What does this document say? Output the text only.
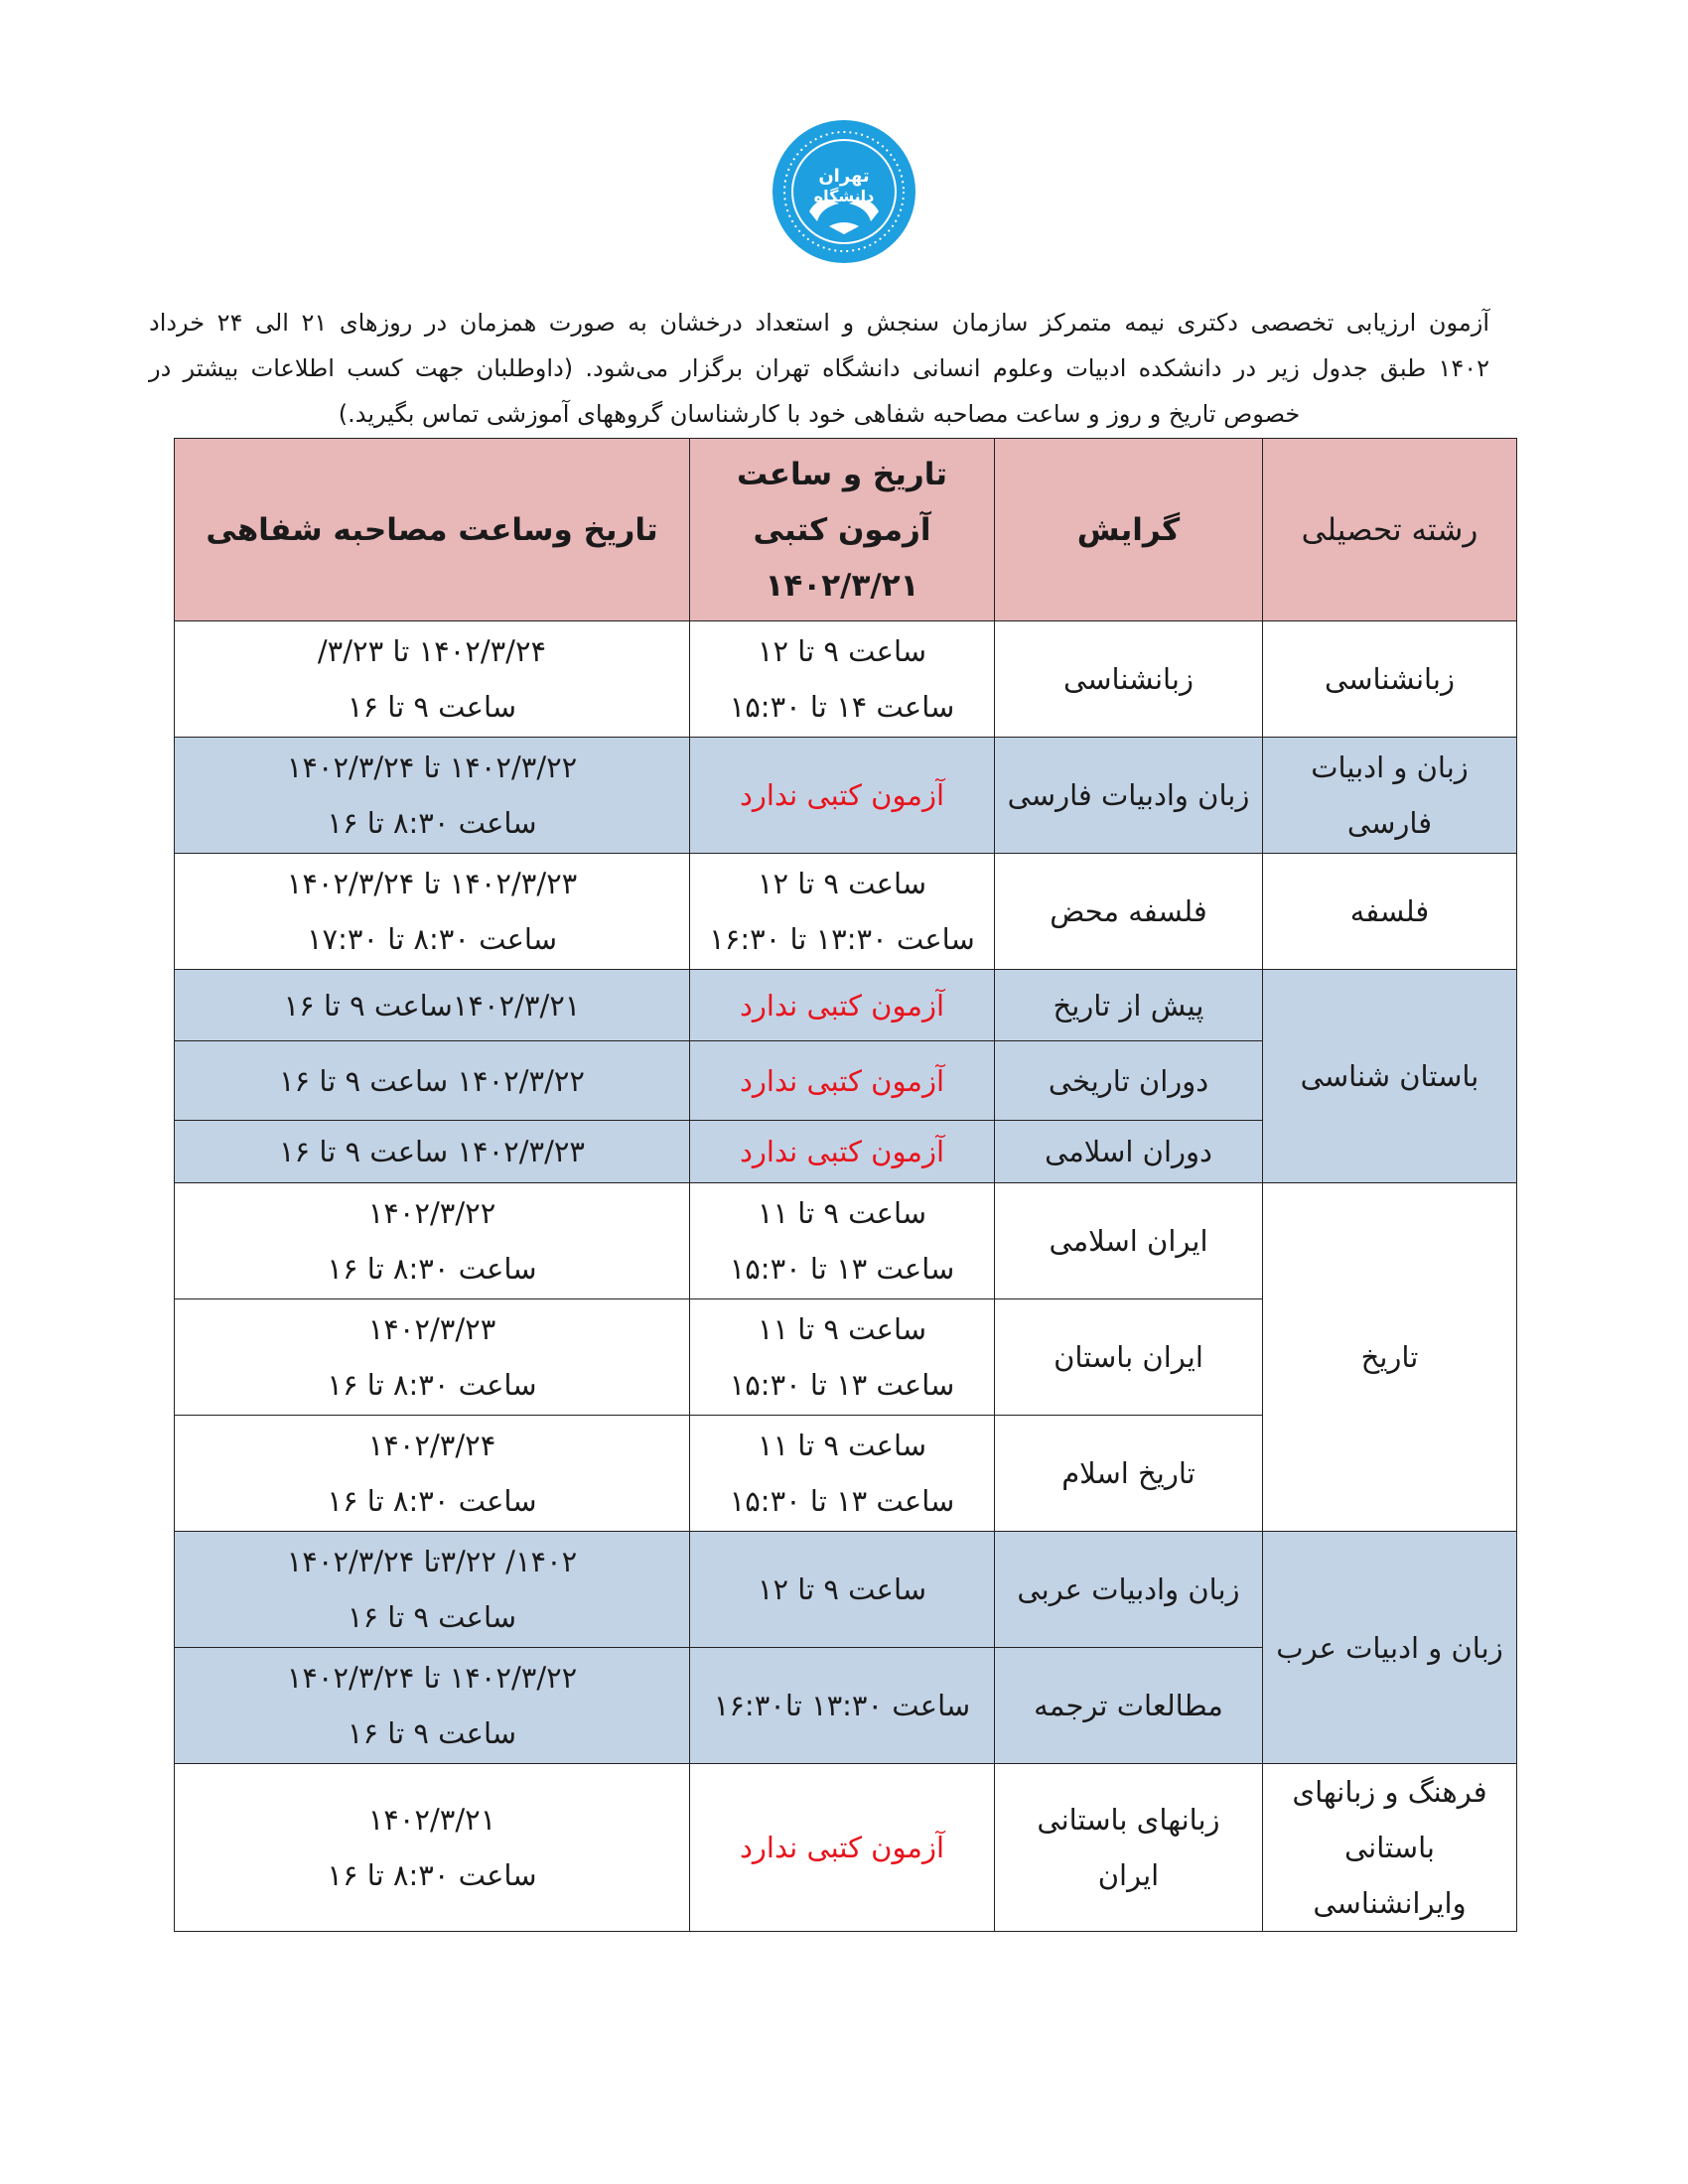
تهران
دانشگاه

آزمون ارزیابی تخصصی دکتری نیمه متمرکز سازمان سنجش و استعداد درخشان به صورت همزمان در روزهای ۲۱ الی ۲۴ خرداد

۱۴۰۲ طبق جدول زیر در دانشکده ادبیات وعلوم انسانی دانشگاه تهران برگزار می‌شود. (داوطلبان جهت کسب اطلاعات بیشتر در

خصوص تاریخ و روز و ساعت مصاحبه شفاهی خود با کارشناسان گروههای آموزشی تماس بگیرید.)

رشته تحصیلی	گرایش	تاریخ و ساعت
آزمون کتبی
۱۴۰۲/۳/۲۱	تاریخ وساعت مصاحبه شفاهی
زبانشناسی	زبانشناسی	ساعت ۹ تا ۱۲
ساعت ۱۴ تا ۱۵:۳۰	۱۴۰۲/۳/۲۴ تا ۳/۲۳/
ساعت ۹ تا ۱۶

زبان و ادبیات
فارسی	زبان وادبیات فارسی	آزمون کتبی ندارد	۱۴۰۲/۳/۲۲ تا ۱۴۰۲/۳/۲۴
ساعت ۸:۳۰ تا ۱۶

فلسفه	فلسفه محض	ساعت ۹ تا ۱۲
ساعت ۱۳:۳۰ تا ۱۶:۳۰	۱۴۰۲/۳/۲۳ تا ۱۴۰۲/۳/۲۴
ساعت ۸:۳۰ تا ۱۷:۳۰

باستان شناسی	پیش از تاریخ	آزمون کتبی ندارد	۱۴۰۲/۳/۲۱ساعت ۹ تا ۱۶
	دوران تاریخی	آزمون کتبی ندارد	۱۴۰۲/۳/۲۲ ساعت ۹ تا ۱۶
	دوران اسلامی	آزمون کتبی ندارد	۱۴۰۲/۳/۲۳ ساعت ۹ تا ۱۶
تاریخ	ایران اسلامی	ساعت ۹ تا ۱۱
ساعت ۱۳ تا ۱۵:۳۰	۱۴۰۲/۳/۲۲
ساعت ۸:۳۰ تا ۱۶

	ایران باستان	ساعت ۹ تا ۱۱
ساعت ۱۳ تا ۱۵:۳۰	۱۴۰۲/۳/۲۳
ساعت ۸:۳۰ تا ۱۶

	تاریخ اسلام	ساعت ۹ تا ۱۱
ساعت ۱۳ تا ۱۵:۳۰	۱۴۰۲/۳/۲۴
ساعت ۸:۳۰ تا ۱۶

زبان و ادبیات عرب	زبان وادبیات عربی	ساعت ۹ تا ۱۲	۱۴۰۲/ ۳/۲۲تا ۱۴۰۲/۳/۲۴
ساعت ۹ تا ۱۶

	مطالعات ترجمه	ساعت ۱۳:۳۰ تا۱۶:۳۰	۱۴۰۲/۳/۲۲ تا ۱۴۰۲/۳/۲۴
ساعت ۹ تا ۱۶

فرهنگ و زبانهای
باستانی
وایرانشناسی	زبانهای باستانی
ایران	آزمون کتبی ندارد	۱۴۰۲/۳/۲۱
ساعت ۸:۳۰ تا ۱۶
